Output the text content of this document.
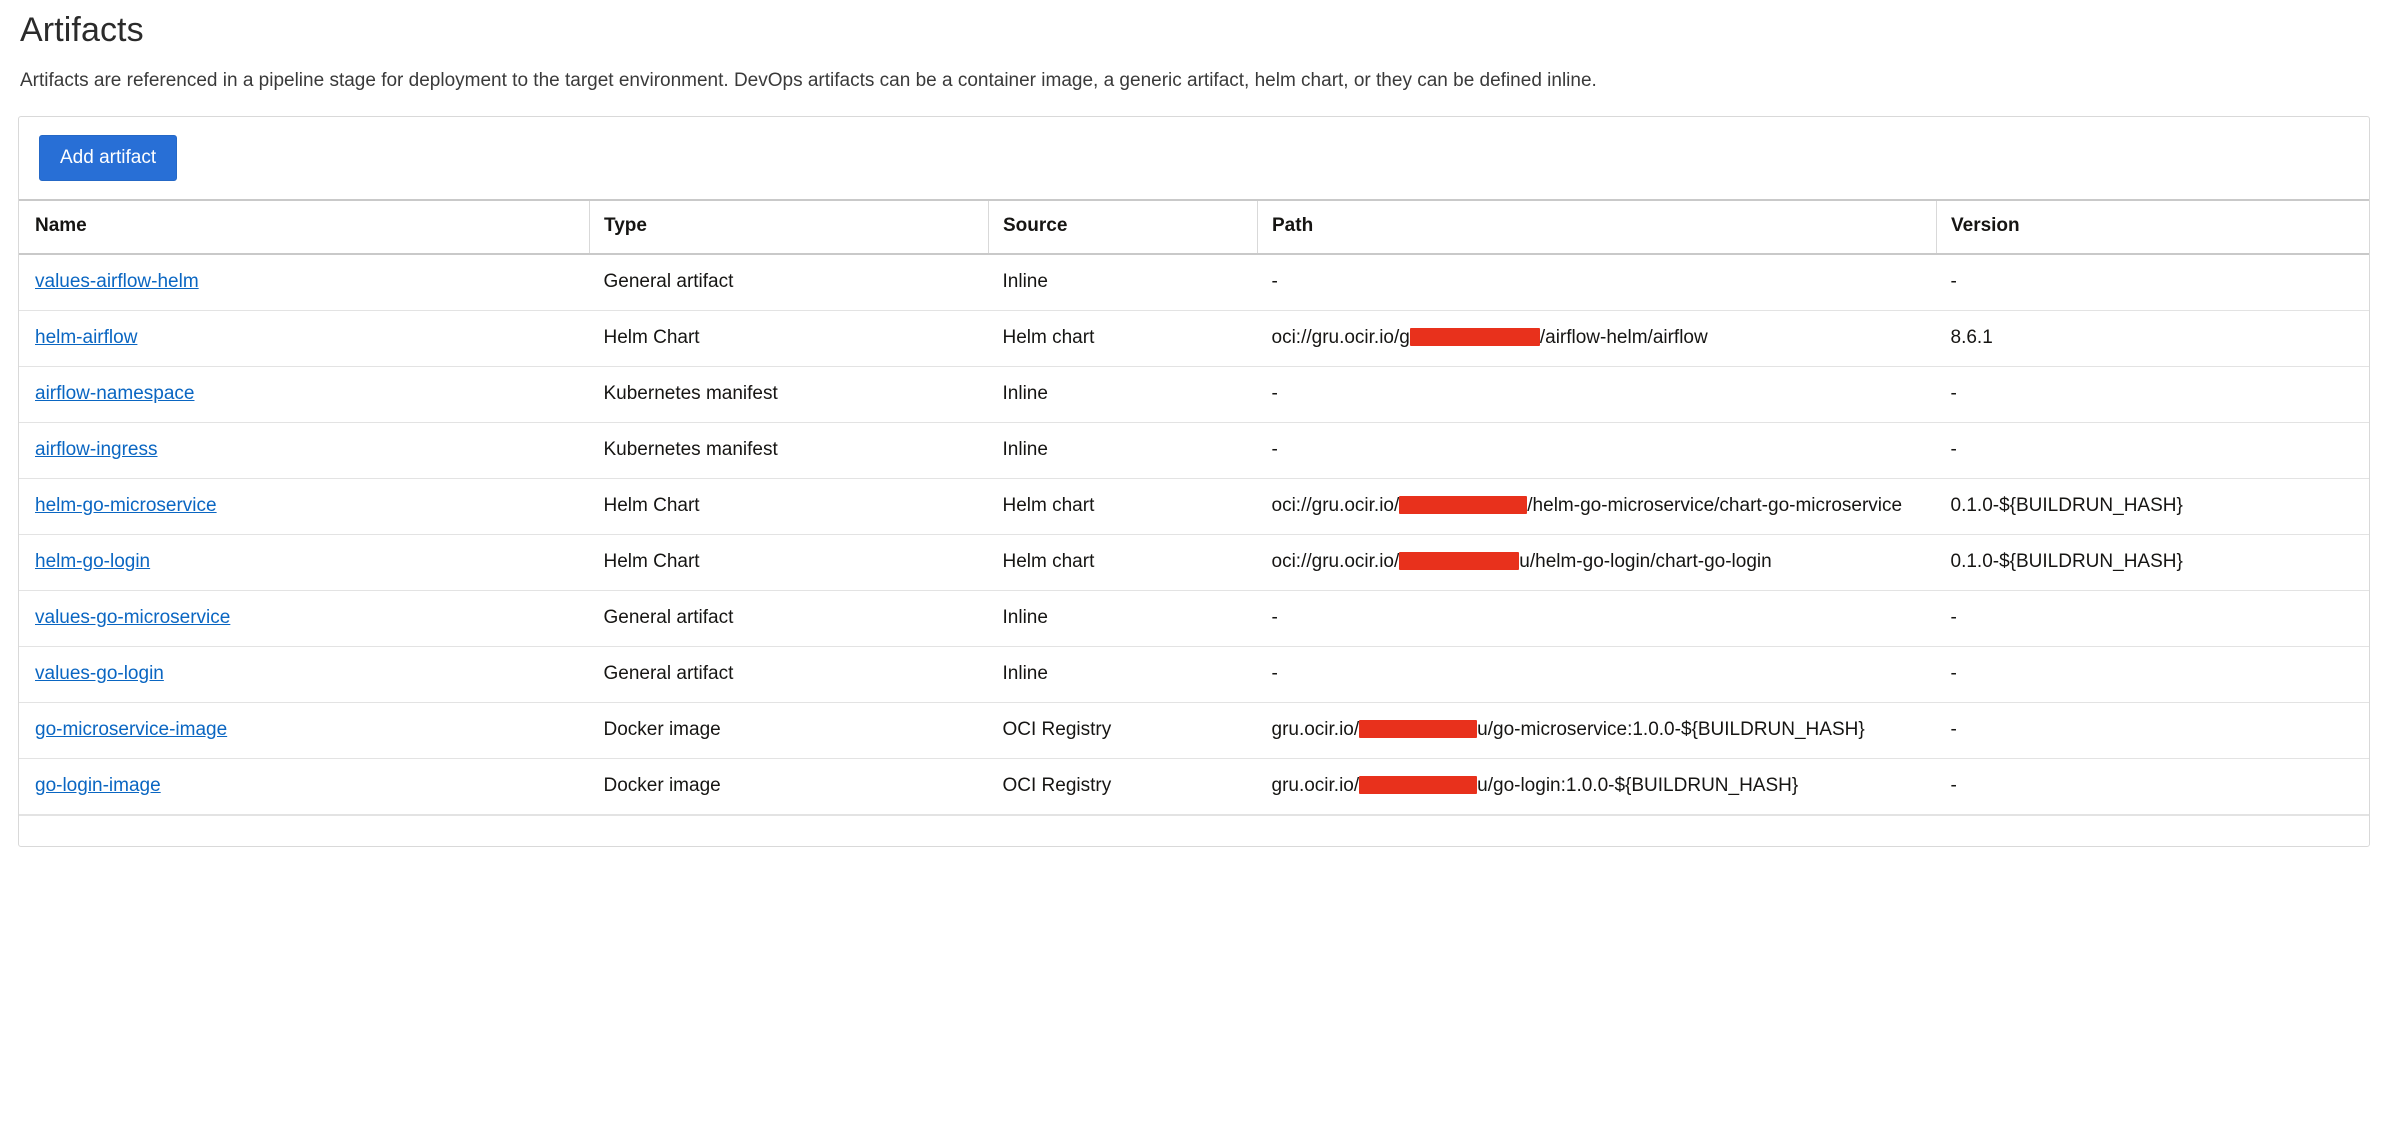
Artifacts

Artifacts are referenced in a pipeline stage for deployment to the target environment. DevOps artifacts can be a container image, a generic artifact, helm chart, or they can be defined inline.

Add artifact
Name	Type	Source	Path	Version
values-airflow-helm	General artifact	Inline	-	-
helm-airflow	Helm Chart	Helm chart	oci://gru.ocir.io/g /airflow-helm/airflow	8.6.1
airflow-namespace	Kubernetes manifest	Inline	-	-
airflow-ingress	Kubernetes manifest	Inline	-	-
helm-go-microservice	Helm Chart	Helm chart	oci://gru.ocir.io/ /helm-go-microservice/chart-go-microservice	0.1.0-${BUILDRUN_HASH}
helm-go-login	Helm Chart	Helm chart	oci://gru.ocir.io/ u/helm-go-login/chart-go-login	0.1.0-${BUILDRUN_HASH}
values-go-microservice	General artifact	Inline	-	-
values-go-login	General artifact	Inline	-	-
go-microservice-image	Docker image	OCI Registry	gru.ocir.io/ u/go-microservice:1.0.0-${BUILDRUN_HASH}	-
go-login-image	Docker image	OCI Registry	gru.ocir.io/ u/go-login:1.0.0-${BUILDRUN_HASH}	-
